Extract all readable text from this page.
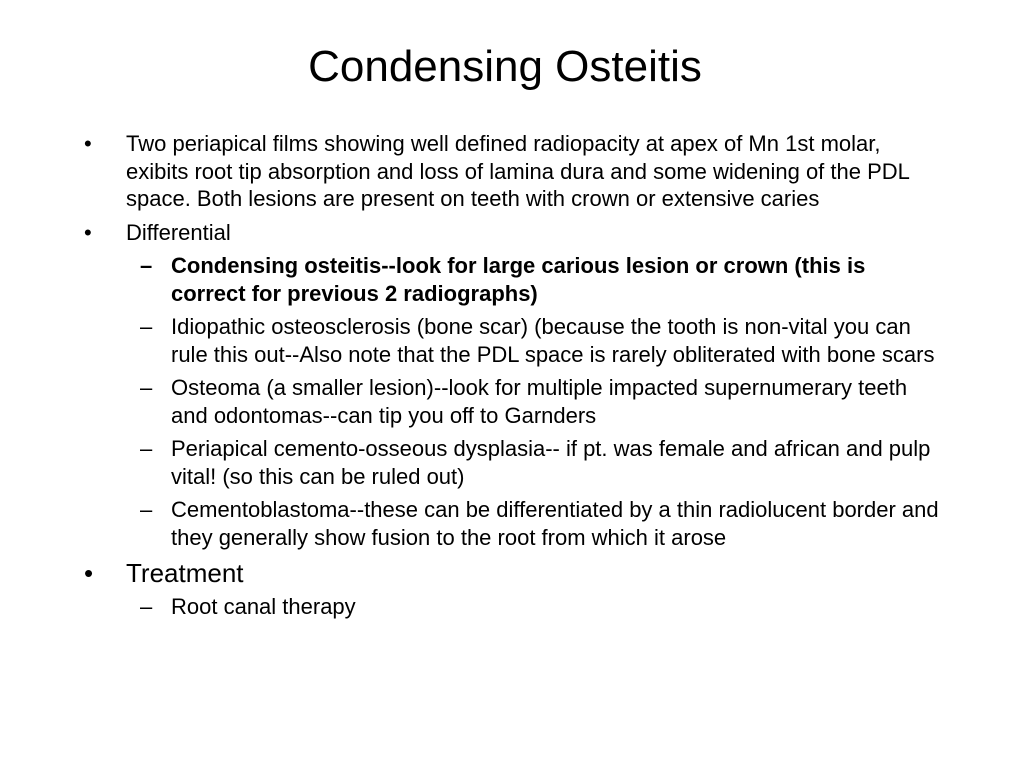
Condensing Osteitis
• Two periapical films showing well defined radiopacity at apex of Mn 1st molar, exibits root tip absorption and loss of lamina dura and some widening of the PDL space. Both lesions are present on teeth with crown or extensive caries
• Differential
– Condensing osteitis--look for large carious lesion or crown (this is correct for previous 2 radiographs)
– Idiopathic osteosclerosis (bone scar) (because the tooth is non-vital you can rule this out--Also note that the PDL space is rarely obliterated with bone scars
– Osteoma (a smaller lesion)--look for multiple impacted supernumerary teeth and odontomas--can tip you off to Garnders
– Periapical cemento-osseous dysplasia-- if pt. was female and african and pulp vital! (so this can be ruled out)
– Cementoblastoma--these can be differentiated by a thin radiolucent border and they generally show fusion to the root from which it arose
• Treatment
– Root canal therapy
